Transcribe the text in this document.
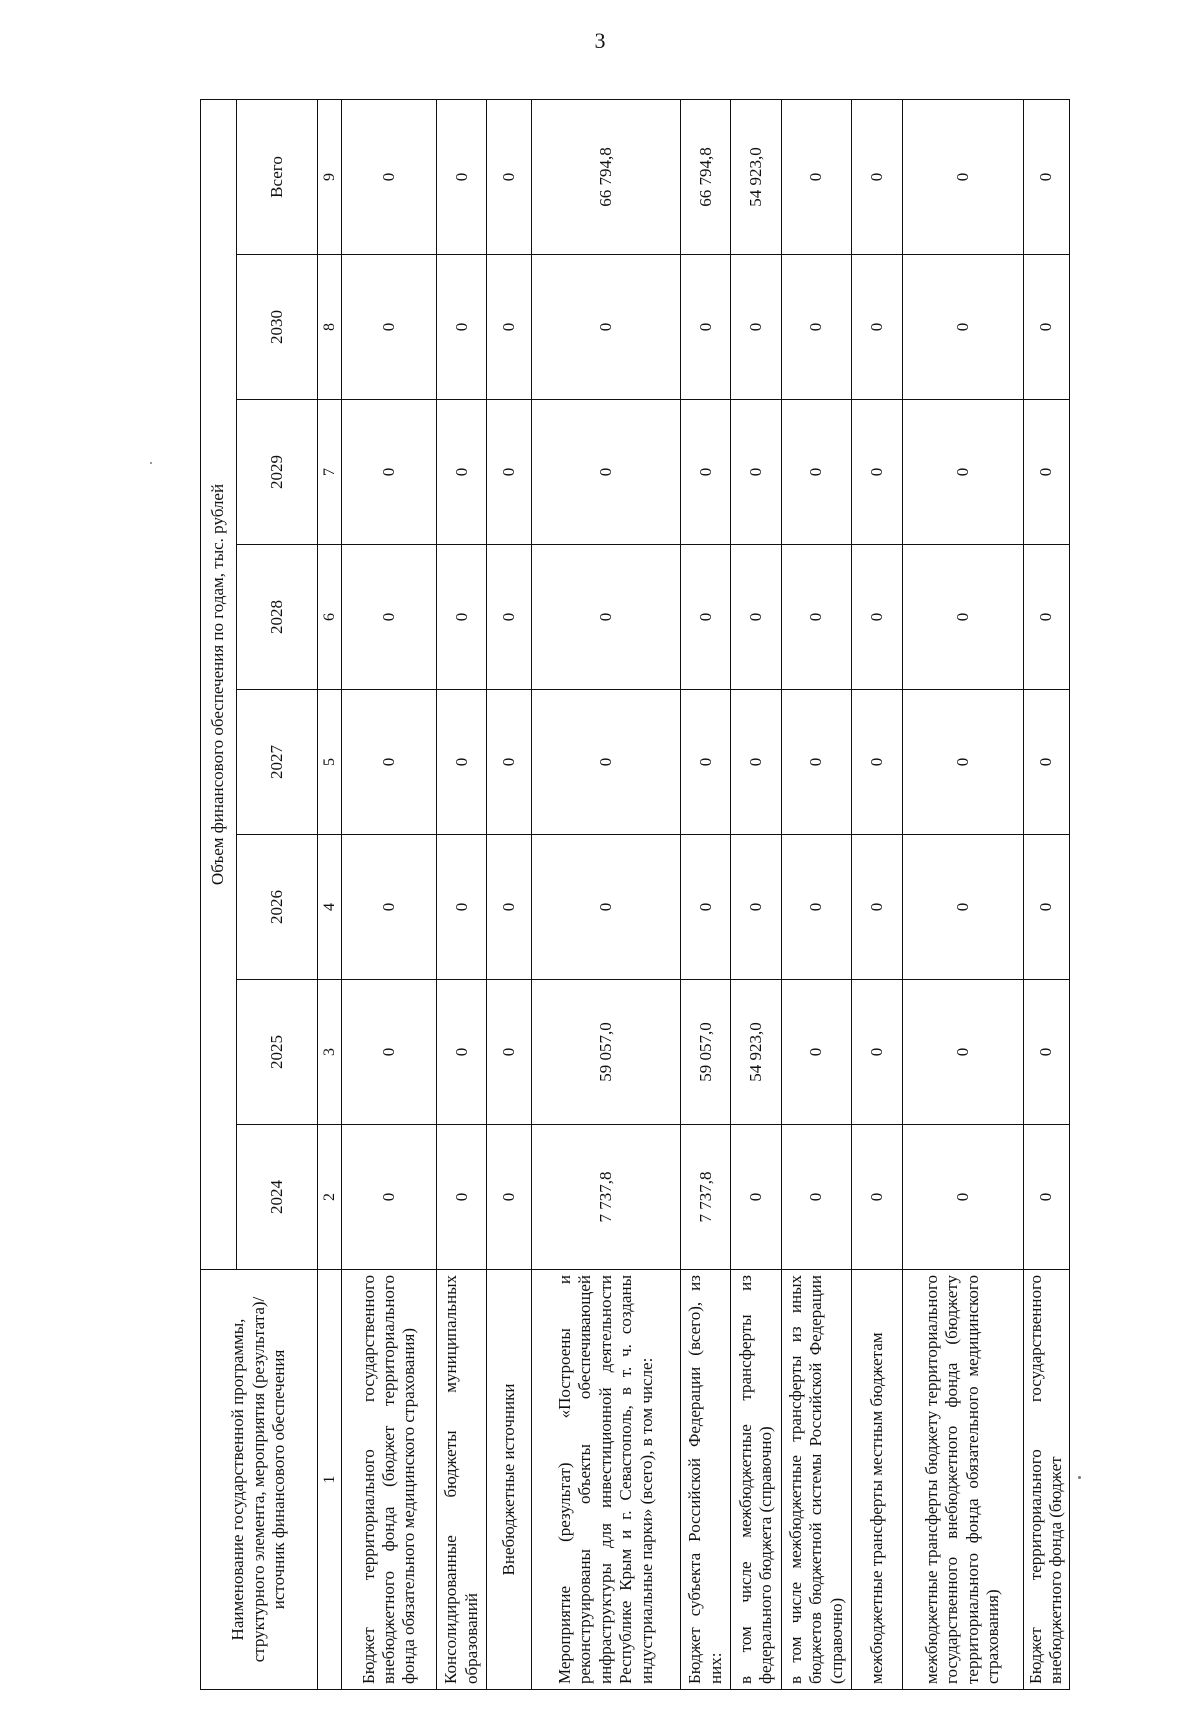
3
Наименование государственной программы, структурного элемента, мероприятия (результата)/источник финансового обеспечения	Объем финансового обеспечения по годам, тыс. рублей							
	2024	2025	2026	2027	2028	2029	2030	Всего
1	2	3	4	5	6	7	8	9
Бюджет территориального государственного внебюджетного фонда (бюджет территориального фонда обязательного медицинского страхования)	0	0	0	0	0	0	0	0
Консолидированные бюджеты муниципальных образований	0	0	0	0	0	0	0	0
Внебюджетные источники	0	0	0	0	0	0	0	0
Мероприятие (результат) «Построены и реконструированы объекты обеспечивающей инфраструктуры для инвестиционной деятельности Республике Крым и г. Севастополь, в т. ч. созданы индустриальные парки» (всего), в том числе:	7 737,8	59 057,0	0	0	0	0	0	66 794,8
Бюджет субъекта Российской Федерации (всего), из них:	7 737,8	59 057,0	0	0	0	0	0	66 794,8
в том числе межбюджетные трансферты из федерального бюджета (справочно)	0	54 923,0	0	0	0	0	0	54 923,0
в том числе межбюджетные трансферты из иных бюджетов бюджетной системы Российской Федерации (справочно)	0	0	0	0	0	0	0	0
межбюджетные трансферты местным бюджетам	0	0	0	0	0	0	0	0
межбюджетные трансферты бюджету территориального государственного внебюджетного фонда (бюджету территориального фонда обязательного медицинского страхования)	0	0	0	0	0	0	0	0
Бюджет территориального государственного внебюджетного фонда (бюджет	0	0	0	0	0	0	0	0
